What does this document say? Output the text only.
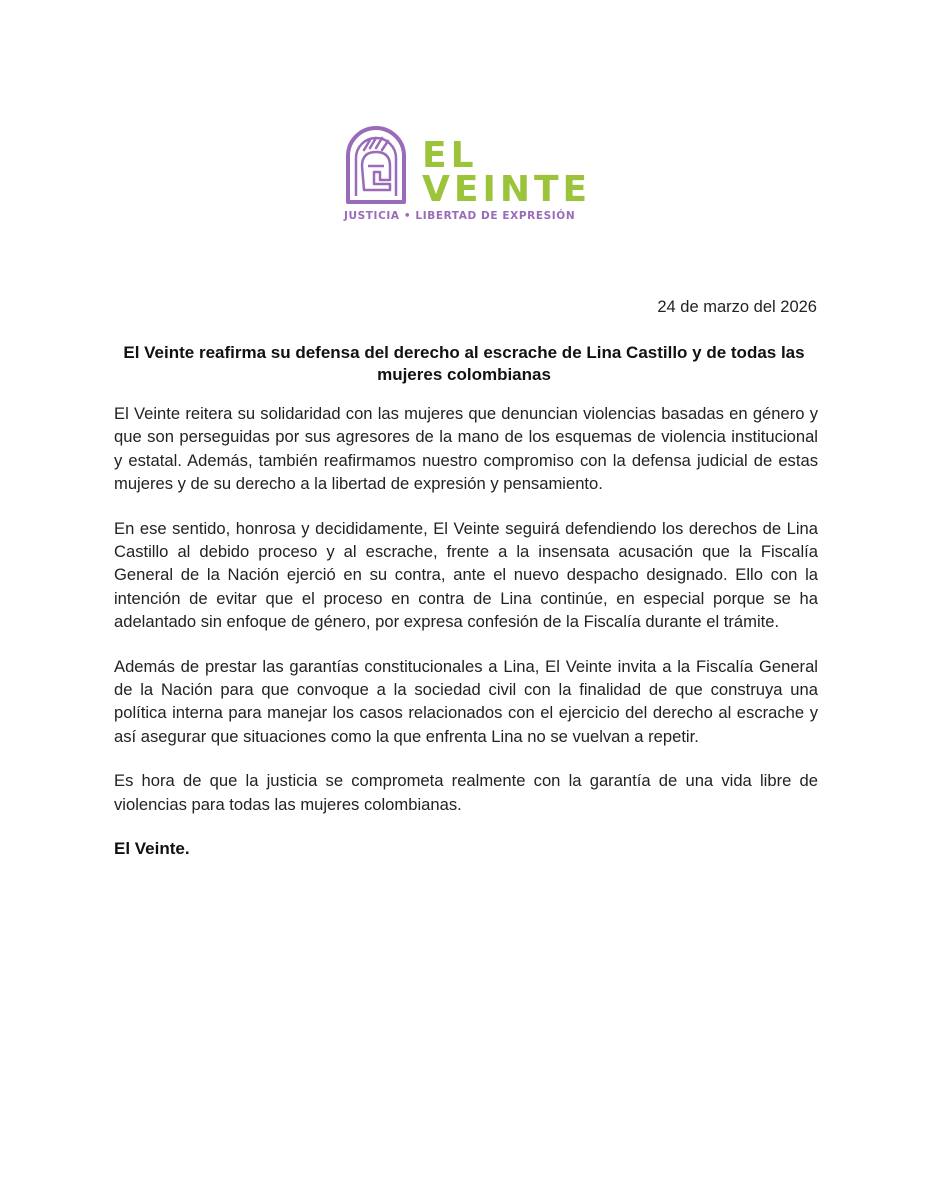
EL
VEINTE
JUSTICIA • LIBERTAD DE EXPRESIÓN
24 de marzo del 2026
El Veinte reafirma su defensa del derecho al escrache de Lina Castillo y de todas las mujeres colombianas

El Veinte reitera su solidaridad con las mujeres que denuncian violencias basadas en género y que son perseguidas por sus agresores de la mano de los esquemas de violencia institucional y estatal. Además, también reafirmamos nuestro compromiso con la defensa judicial de estas mujeres y de su derecho a la libertad de expresión y pensamiento.

En ese sentido, honrosa y decididamente, El Veinte seguirá defendiendo los derechos de Lina Castillo al debido proceso y al escrache, frente a la insensata acusación que la Fiscalía General de la Nación ejerció en su contra, ante el nuevo despacho designado. Ello con la intención de evitar que el proceso en contra de Lina continúe, en especial porque se ha adelantado sin enfoque de género, por expresa confesión de la Fiscalía durante el trámite.

Además de prestar las garantías constitucionales a Lina, El Veinte invita a la Fiscalía General de la Nación para que convoque a la sociedad civil con la finalidad de que construya una política interna para manejar los casos relacionados con el ejercicio del derecho al escrache y así asegurar que situaciones como la que enfrenta Lina no se vuelvan a repetir.

Es hora de que la justicia se comprometa realmente con la garantía de una vida libre de violencias para todas las mujeres colombianas.

El Veinte.
